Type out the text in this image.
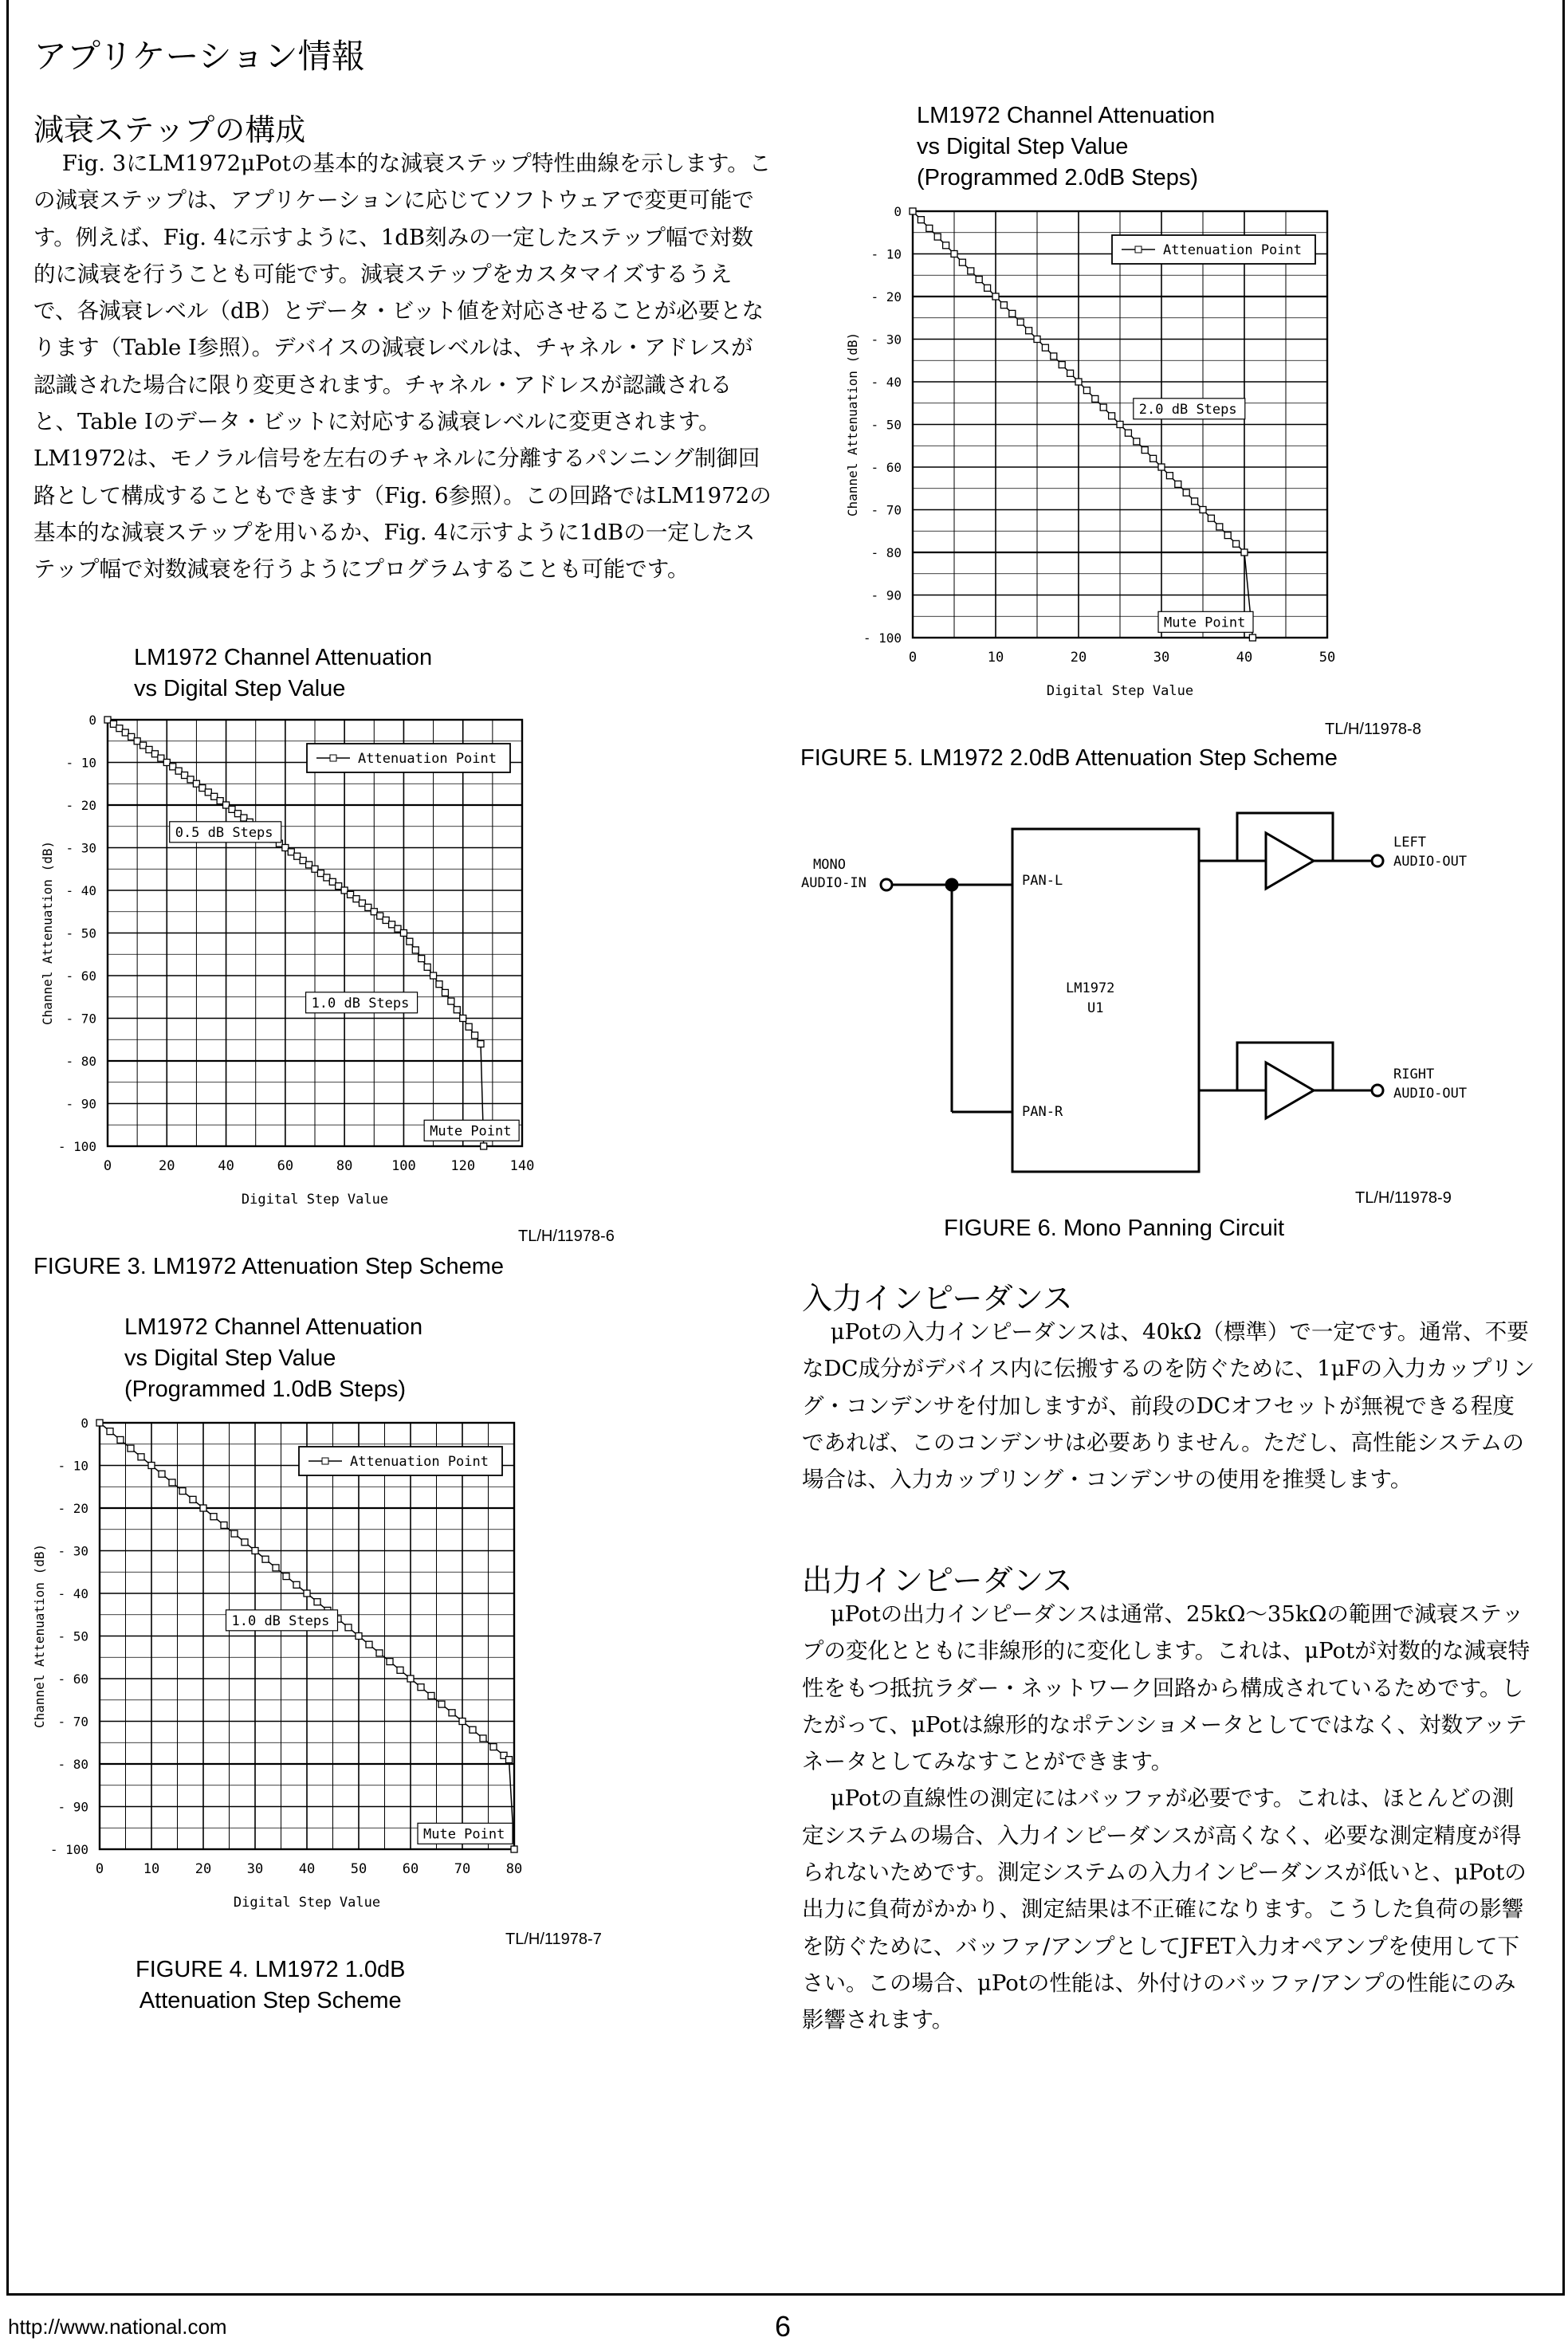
アプリケーション情報
減衰ステップの構成

Fig. 3にLM1972μPotの基本的な減衰ステップ特性曲線を示します。この減衰ステップは、アプリケーションに応じてソフトウェアで変更可能です。例えば、Fig. 4に示すように、1dB刻みの一定したステップ幅で対数的に減衰を行うことも可能です。減衰ステップをカスタマイズするうえで、各減衰レベル（dB）とデータ・ビット値を対応させることが必要となります（Table I参照）。デバイスの減衰レベルは、チャネル・アドレスが認識された場合に限り変更されます。チャネル・アドレスが認識されると、Table Iのデータ・ビットに対応する減衰レベルに変更されます。LM1972は、モノラル信号を左右のチャネルに分離するパンニング制御回路として構成することもできます（Fig. 6参照）。この回路ではLM1972の基本的な減衰ステップを用いるか、Fig. 4に示すように1dBの一定したステップ幅で対数減衰を行うようにプログラムすることも可能です。

LM1972 Channel Attenuation
vs Digital Step Value
0
- 10
- 20
- 30
- 40
- 50
- 60
- 70
- 80
- 90
- 100
0	20	40	60	80	100	120	140
Digital Step Value
Channel Attenuation (dB)
Attenuation Point
0.5 dB Steps
1.0 dB Steps
Mute Point
TL/H/11978-6
FIGURE 3. LM1972 Attenuation Step Scheme
LM1972 Channel Attenuation
vs Digital Step Value
(Programmed 1.0dB Steps)
0
- 10
- 20
- 30
- 40
- 50
- 60
- 70
- 80
- 90
- 100
0	10	20	30	40	50	60	70	80
Digital Step Value
Channel Attenuation (dB)
Attenuation Point
1.0 dB Steps
Mute Point
TL/H/11978-7
FIGURE 4. LM1972 1.0dB
Attenuation Step Scheme
LM1972 Channel Attenuation
vs Digital Step Value
(Programmed 2.0dB Steps)
0
- 10
- 20
- 30
- 40
- 50
- 60
- 70
- 80
- 90
- 100
0	10	20	30	40	50
Digital Step Value
Channel Attenuation (dB)
Attenuation Point
2.0 dB Steps
Mute Point
TL/H/11978-8
FIGURE 5. LM1972 2.0dB Attenuation Step Scheme
MONO
AUDIO-IN	PAN-L
PAN-R
LM1972
U1
LEFT
AUDIO-OUT
RIGHT
AUDIO-OUT
TL/H/11978-9
FIGURE 6. Mono Panning Circuit
入力インピーダンス

μPotの入力インピーダンスは、40kΩ（標準）で一定です。通常、不要なDC成分がデバイス内に伝搬するのを防ぐために、1μFの入力カップリング・コンデンサを付加しますが、前段のDCオフセットが無視できる程度であれば、このコンデンサは必要ありません。ただし、高性能システムの場合は、入力カップリング・コンデンサの使用を推奨します。

出力インピーダンス

μPotの出力インピーダンスは通常、25kΩ～35kΩの範囲で減衰ステップの変化とともに非線形的に変化します。これは、μPotが対数的な減衰特性をもつ抵抗ラダー・ネットワーク回路から構成されているためです。したがって、μPotは線形的なポテンショメータとしてではなく、対数アッテネータとしてみなすことができます。

μPotの直線性の測定にはバッファが必要です。これは、ほとんどの測定システムの場合、入力インピーダンスが高くなく、必要な測定精度が得られないためです。測定システムの入力インピーダンスが低いと、μPotの出力に負荷がかかり、測定結果は不正確になります。こうした負荷の影響を防ぐために、バッファ/アンプとしてJFET入力オペアンプを使用して下さい。この場合、μPotの性能は、外付けのバッファ/アンプの性能にのみ影響されます。

http://www.national.com	6
